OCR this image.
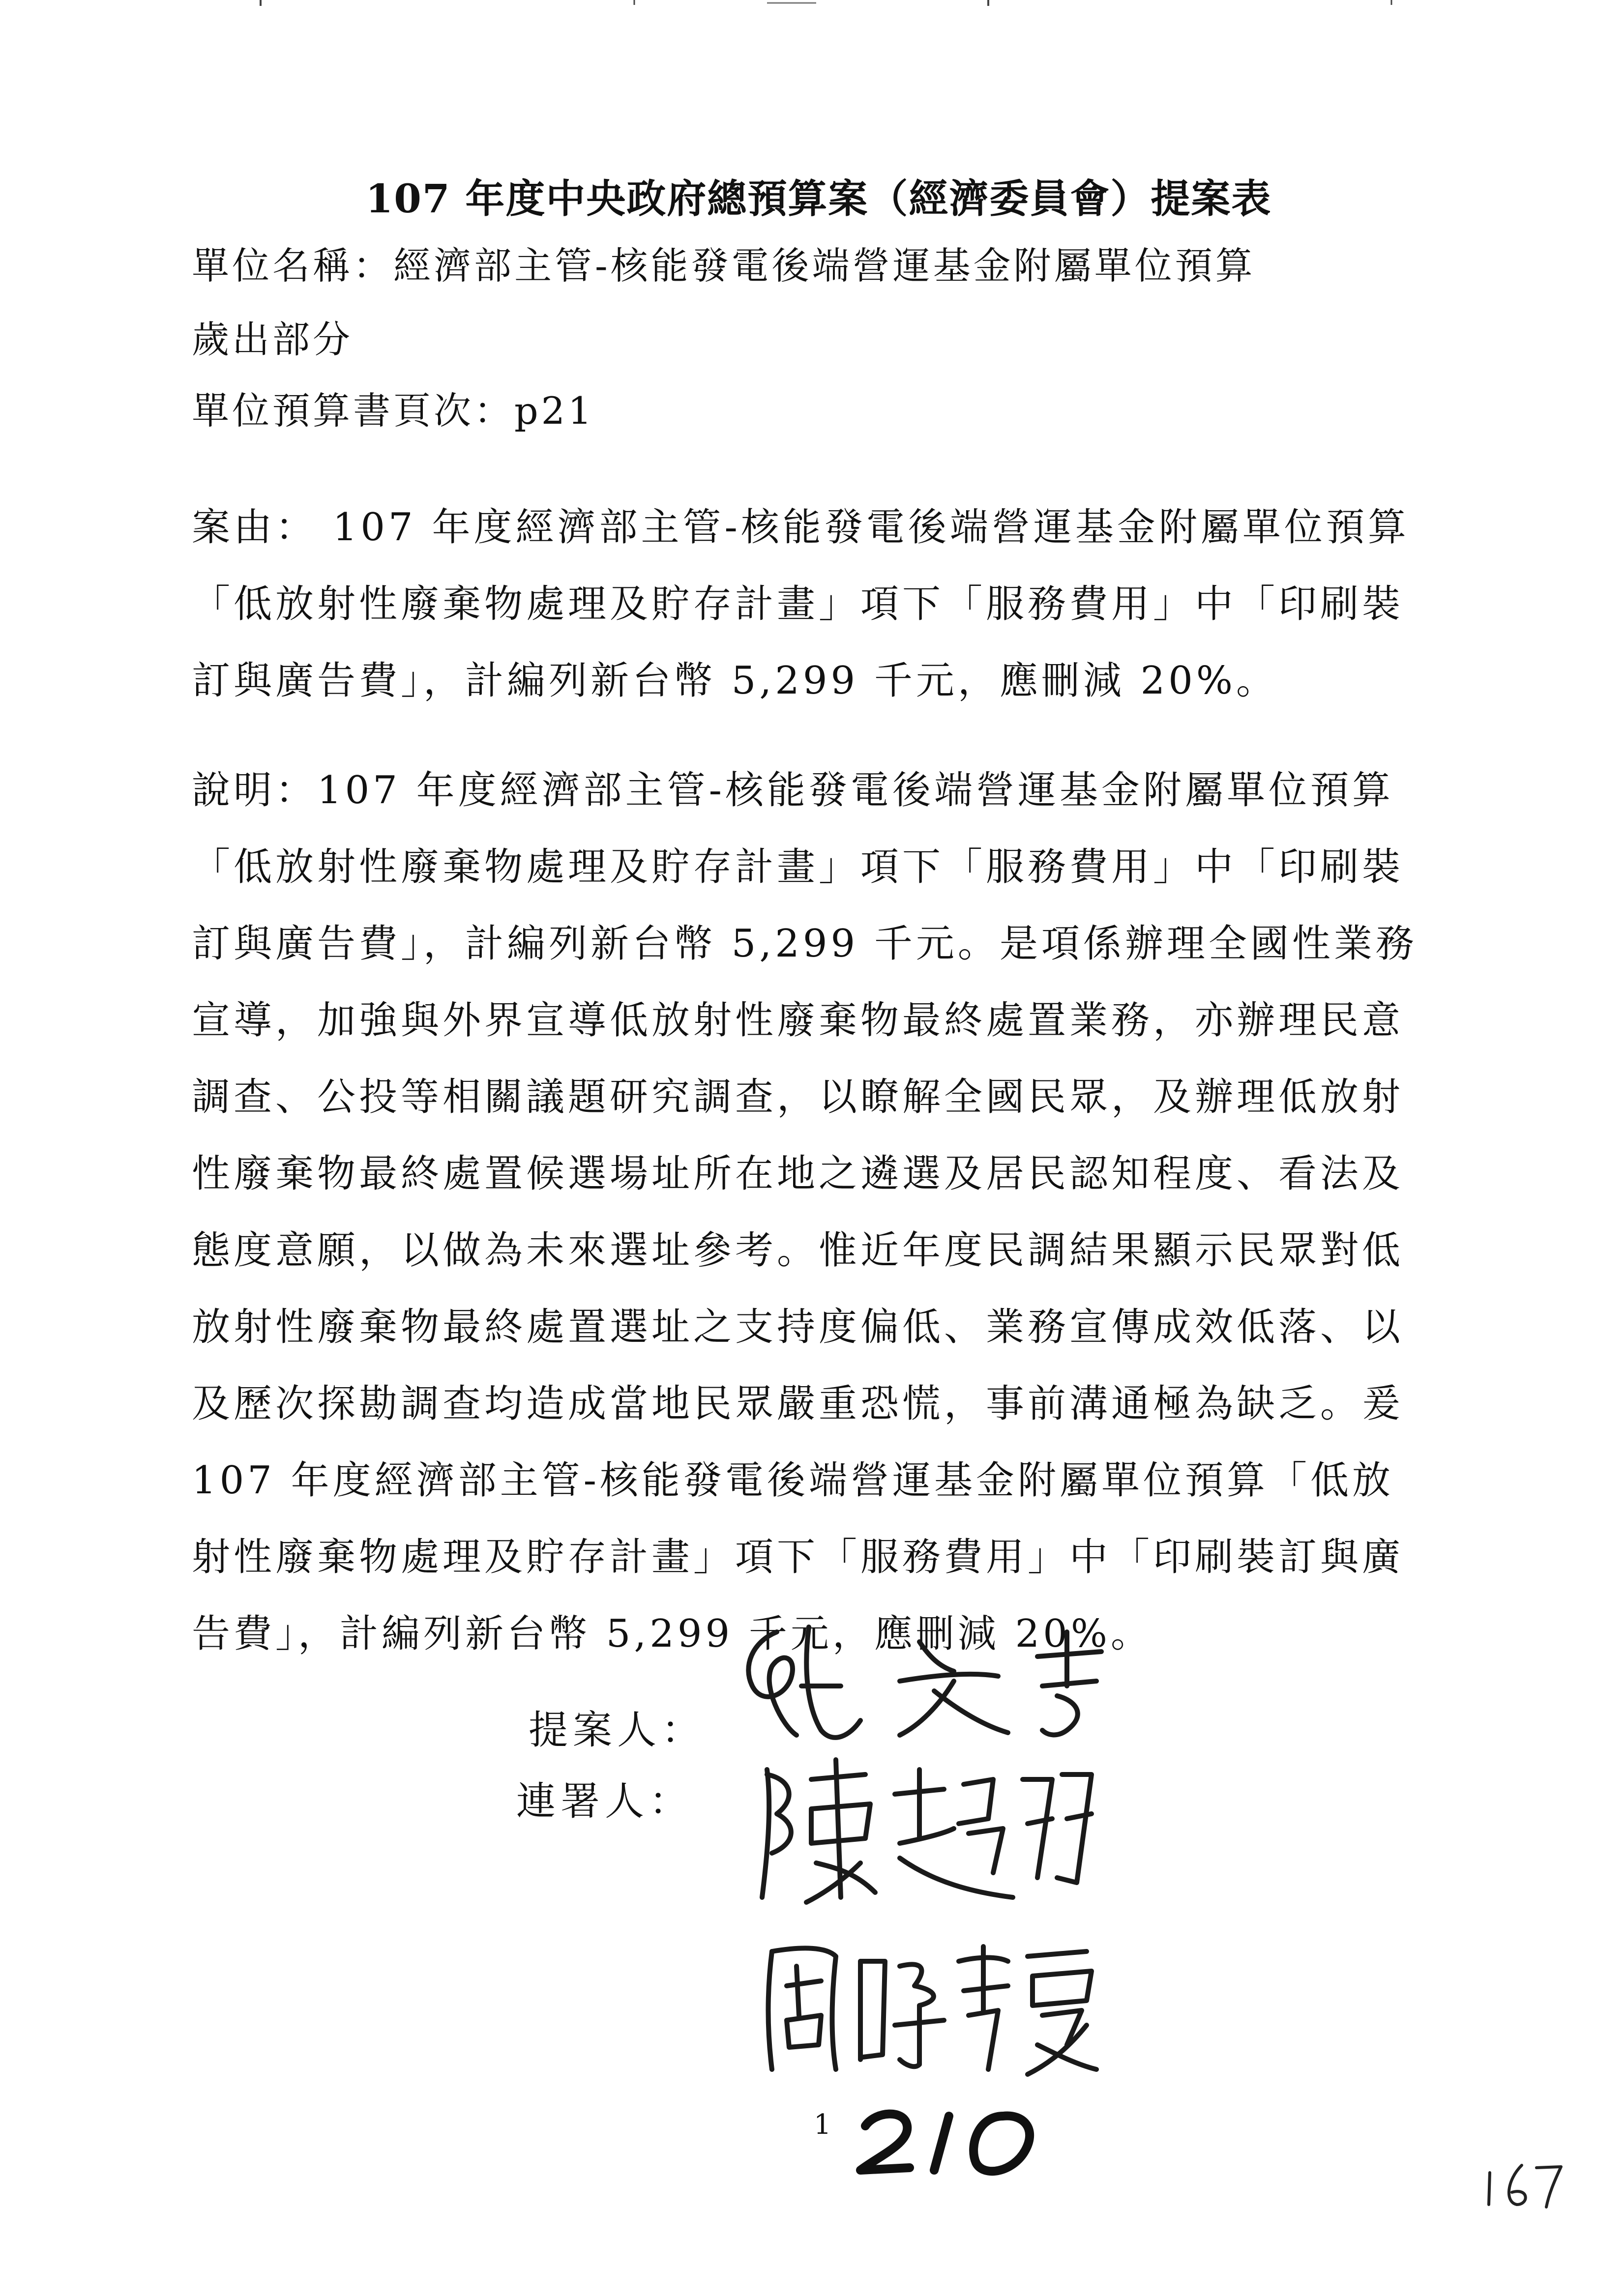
107 年度中央政府總預算案（經濟委員會）提案表
單位名稱：經濟部主管-核能發電後端營運基金附屬單位預算
歲出部分
單位預算書頁次：p21
案由： 107 年度經濟部主管-核能發電後端營運基金附屬單位預算
「低放射性廢棄物處理及貯存計畫」項下「服務費用」中「印刷裝
訂與廣告費」，計編列新台幣 5,299 千元，應刪減 20%。
說明：107 年度經濟部主管-核能發電後端營運基金附屬單位預算
「低放射性廢棄物處理及貯存計畫」項下「服務費用」中「印刷裝
訂與廣告費」，計編列新台幣 5,299 千元。是項係辦理全國性業務
宣導，加強與外界宣導低放射性廢棄物最終處置業務，亦辦理民意
調查、公投等相關議題研究調查，以瞭解全國民眾，及辦理低放射
性廢棄物最終處置候選場址所在地之遴選及居民認知程度、看法及
態度意願，以做為未來選址參考。惟近年度民調結果顯示民眾對低
放射性廢棄物最終處置選址之支持度偏低、業務宣傳成效低落、以
及歷次探勘調查均造成當地民眾嚴重恐慌，事前溝通極為缺乏。爰
107 年度經濟部主管-核能發電後端營運基金附屬單位預算「低放
射性廢棄物處理及貯存計畫」項下「服務費用」中「印刷裝訂與廣
告費」，計編列新台幣 5,299 千元，應刪減 20%。
提案人：
連署人：
1
